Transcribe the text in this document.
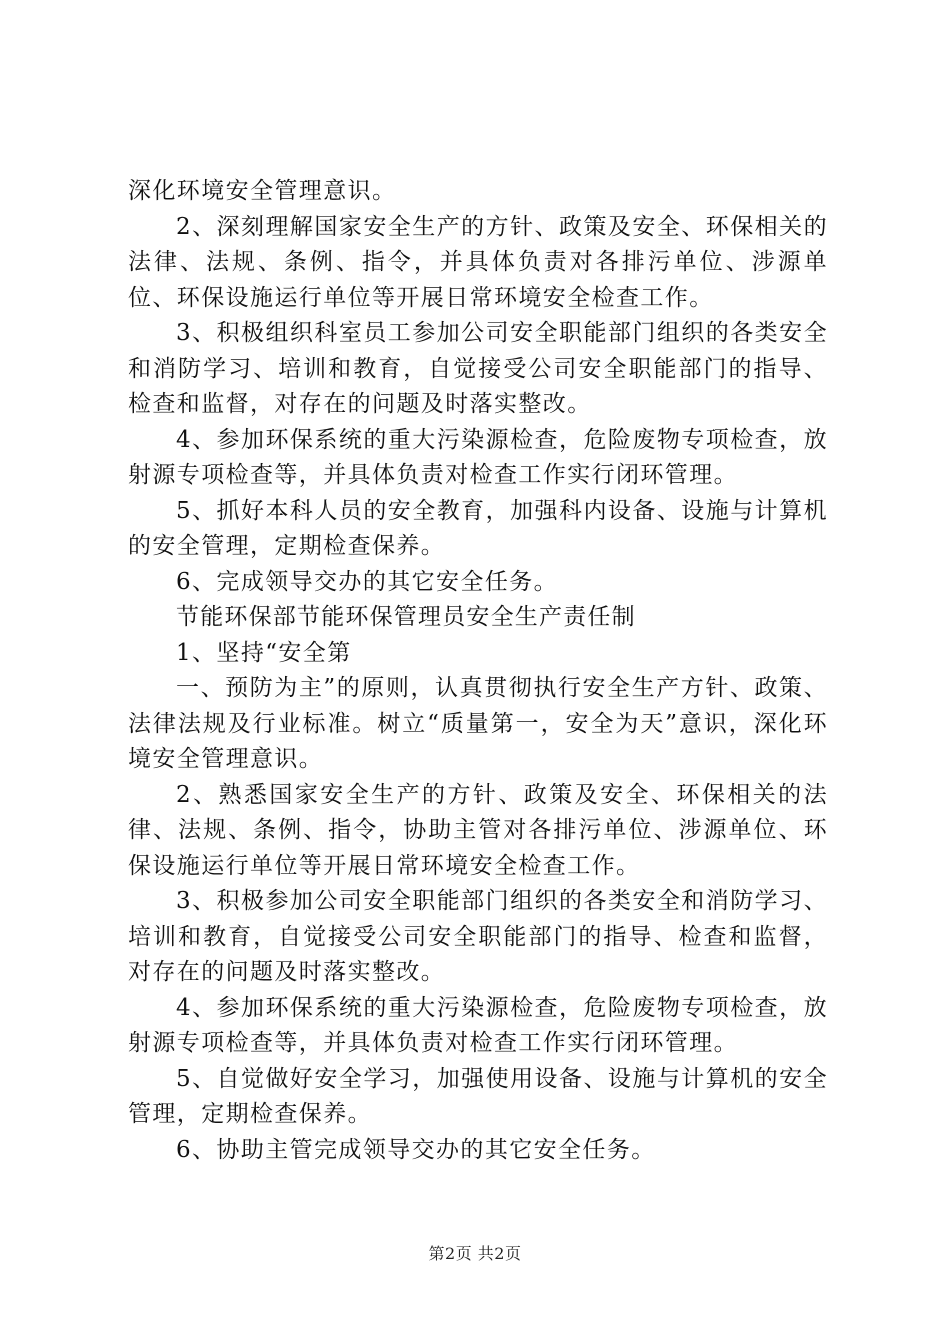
深化环境安全管理意识。

2、深刻理解国家安全生产的方针、政策及安全、环保相关的法律、法规、条例、指令，并具体负责对各排污单位、涉源单位、环保设施运行单位等开展日常环境安全检查工作。

3、积极组织科室员工参加公司安全职能部门组织的各类安全和消防学习、培训和教育，自觉接受公司安全职能部门的指导、检查和监督，对存在的问题及时落实整改。

4、参加环保系统的重大污染源检查，危险废物专项检查，放射源专项检查等，并具体负责对检查工作实行闭环管理。

5、抓好本科人员的安全教育，加强科内设备、设施与计算机的安全管理，定期检查保养。

6、完成领导交办的其它安全任务。

节能环保部节能环保管理员安全生产责任制

1、坚持“安全第

一、预防为主”的原则，认真贯彻执行安全生产方针、政策、法律法规及行业标准。树立“质量第一，安全为天”意识，深化环境安全管理意识。

2、熟悉国家安全生产的方针、政策及安全、环保相关的法律、法规、条例、指令，协助主管对各排污单位、涉源单位、环保设施运行单位等开展日常环境安全检查工作。

3、积极参加公司安全职能部门组织的各类安全和消防学习、培训和教育，自觉接受公司安全职能部门的指导、检查和监督，对存在的问题及时落实整改。

4、参加环保系统的重大污染源检查，危险废物专项检查，放射源专项检查等，并具体负责对检查工作实行闭环管理。

5、自觉做好安全学习，加强使用设备、设施与计算机的安全管理，定期检查保养。

6、协助主管完成领导交办的其它安全任务。

第2页 共2页
